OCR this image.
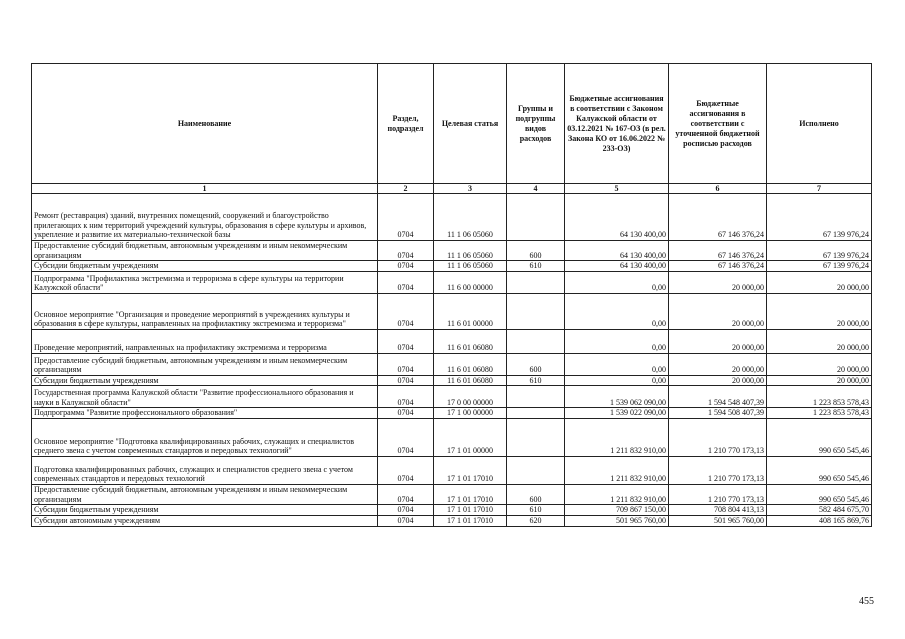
Наименование	Раздел, подраздел	Целевая статья	Группы и подгруппы видов расходов	Бюджетные ассигнования в соответствии с Законом Калужской области от 03.12.2021 № 167-ОЗ (в рел. Закона КО от 16.06.2022 № 233-ОЗ)	Бюджетные ассигнования в соответствии с уточненной бюджетной росписью расходов	Исполнено
1	2	3	4	5	6	7
Ремонт (реставрация) зданий, внутренних помещений, сооружений и благоустройство прилегающих к ним территорий учреждений культуры, образования в сфере культуры и архивов, укрепление и развитие их материально-технической базы	0704	11 1 06 05060		64 130 400,00	67 146 376,24	67 139 976,24
Предоставление субсидий бюджетным, автономным учреждениям и иным некоммерческим организациям	0704	11 1 06 05060	600	64 130 400,00	67 146 376,24	67 139 976,24
Субсидии бюджетным учреждениям	0704	11 1 06 05060	610	64 130 400,00	67 146 376,24	67 139 976,24
Подпрограмма "Профилактика экстремизма и терроризма в сфере культуры на территории Калужской области"	0704	11 6 00 00000		0,00	20 000,00	20 000,00
Основное мероприятие "Организация и проведение мероприятий в учреждениях культуры и образования в сфере культуры, направленных на профилактику экстремизма и терроризма"	0704	11 6 01 00000		0,00	20 000,00	20 000,00
Проведение мероприятий, направленных на профилактику экстремизма и терроризма	0704	11 6 01 06080		0,00	20 000,00	20 000,00
Предоставление субсидий бюджетным, автономным учреждениям и иным некоммерческим организациям	0704	11 6 01 06080	600	0,00	20 000,00	20 000,00
Субсидии бюджетным учреждениям	0704	11 6 01 06080	610	0,00	20 000,00	20 000,00
Государственная программа Калужской области "Развитие профессионального образования и науки в Калужской области"	0704	17 0 00 00000		1 539 062 090,00	1 594 548 407,39	1 223 853 578,43
Подпрограмма "Развитие профессионального образования"	0704	17 1 00 00000		1 539 022 090,00	1 594 508 407,39	1 223 853 578,43
Основное мероприятие "Подготовка квалифицированных рабочих, служащих и специалистов среднего звена с учетом современных стандартов и передовых технологий"	0704	17 1 01 00000		1 211 832 910,00	1 210 770 173,13	990 650 545,46
Подготовка квалифицированных рабочих, служащих и специалистов среднего звена с учетом современных стандартов и передовых технологий	0704	17 1 01 17010		1 211 832 910,00	1 210 770 173,13	990 650 545,46
Предоставление субсидий бюджетным, автономным учреждениям и иным некоммерческим организациям	0704	17 1 01 17010	600	1 211 832 910,00	1 210 770 173,13	990 650 545,46
Субсидии бюджетным учреждениям	0704	17 1 01 17010	610	709 867 150,00	708 804 413,13	582 484 675,70
Субсидии автономным учреждениям	0704	17 1 01 17010	620	501 965 760,00	501 965 760,00	408 165 869,76
455
